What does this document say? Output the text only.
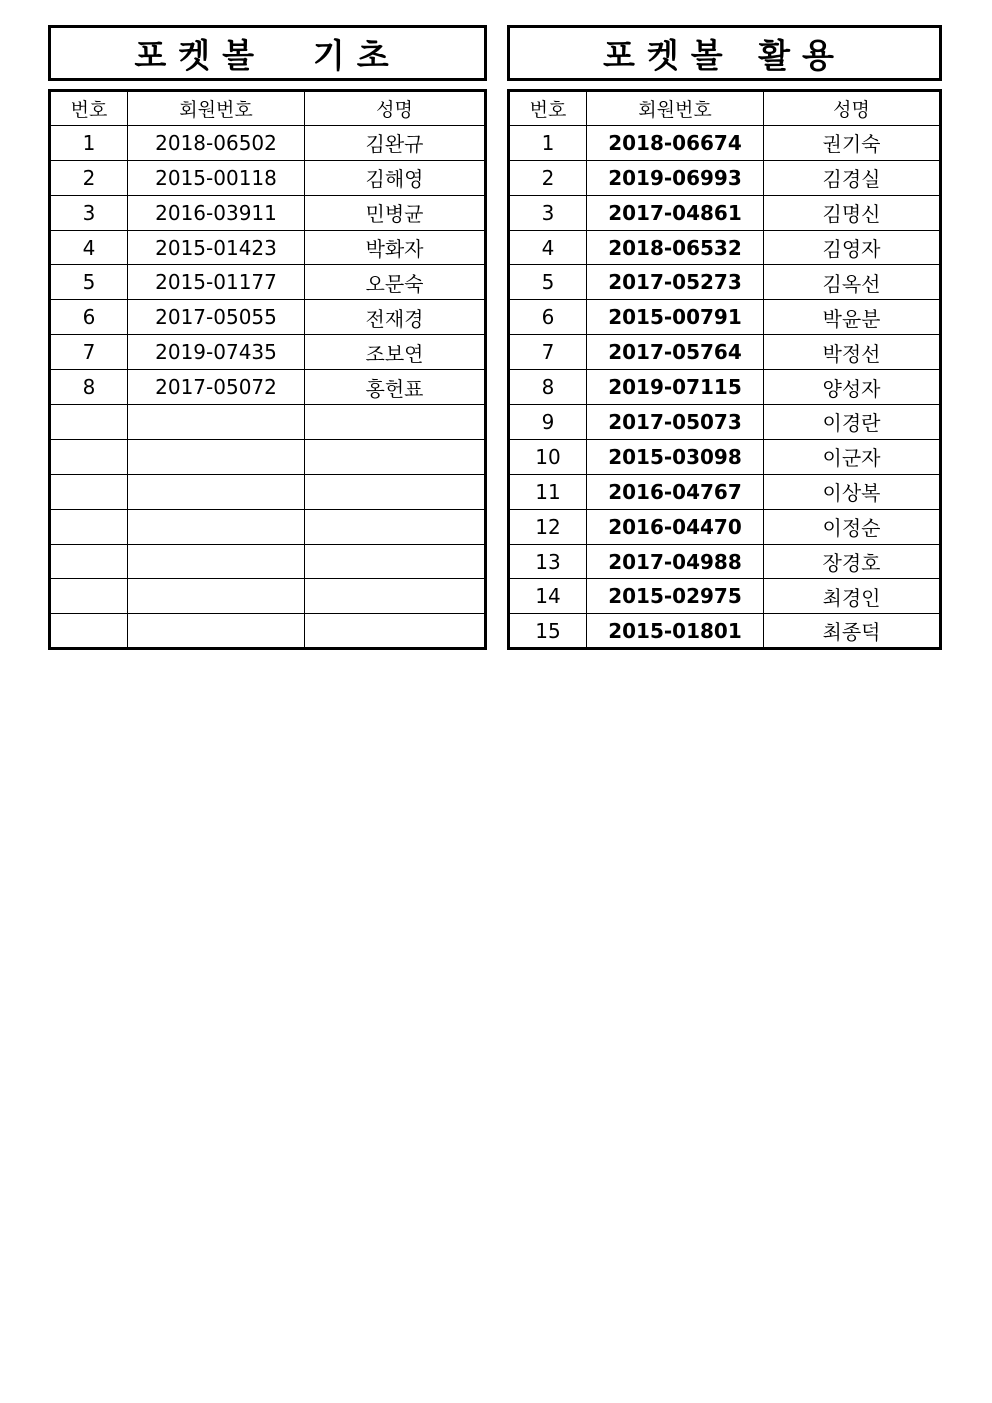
포켓볼  기초
번호	회원번호	성명
1	2018-06502	김완규
2	2015-00118	김해영
3	2016-03911	민병균
4	2015-01423	박화자
5	2015-01177	오문숙
6	2017-05055	전재경
7	2019-07435	조보연
8	2017-05072	홍헌표

포켓볼 활용
번호	회원번호	성명
1	2018-06674	권기숙
2	2019-06993	김경실
3	2017-04861	김명신
4	2018-06532	김영자
5	2017-05273	김옥선
6	2015-00791	박윤분
7	2017-05764	박정선
8	2019-07115	양성자
9	2017-05073	이경란
10	2015-03098	이군자
11	2016-04767	이상복
12	2016-04470	이정순
13	2017-04988	장경호
14	2015-02975	최경인
15	2015-01801	최종덕
